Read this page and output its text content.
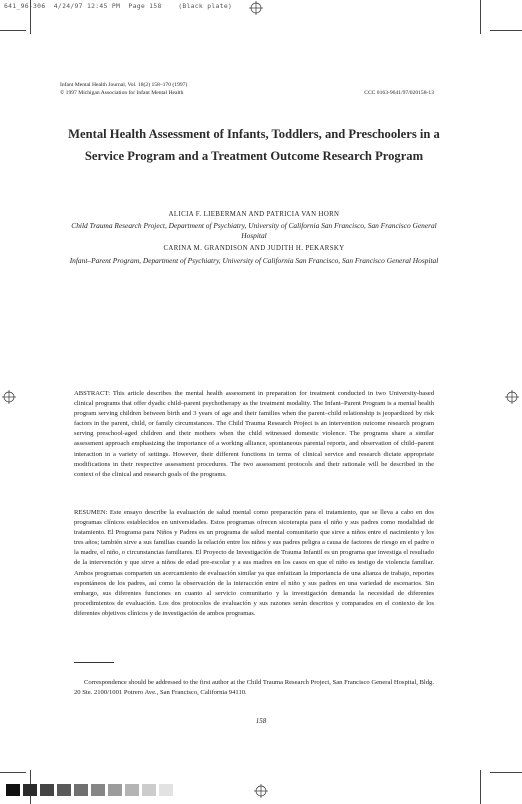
641_96-306  4/24/97 12:45 PM  Page 158    (Black plate)

Infant Mental Health Journal, Vol. 18(2) 158–170 (1997)
© 1997 Michigan Association for Infant Mental Health	CCC 0163-9641/97/020158-13
Mental Health Assessment of Infants, Toddlers, and Preschoolers in a Service Program and a Treatment Outcome Research Program

ALICIA F. LIEBERMAN AND PATRICIA VAN HORN

Child Trauma Research Project, Department of Psychiatry, University of California San Francisco, San Francisco General Hospital

CARINA M. GRANDISON AND JUDITH H. PEKARSKY

Infant–Parent Program, Department of Psychiatry, University of California San Francisco, San Francisco General Hospital

ABSTRACT: This article describes the mental health assessment in preparation for treatment conducted in two University-based clinical programs that offer dyadic child–parent psychotherapy as the treatment modality. The Infant–Parent Program is a mental health program serving children between birth and 3 years of age and their families when the parent–child relationship is jeopardized by risk factors in the parent, child, or family circumstances. The Child Trauma Research Project is an intervention outcome research program serving preschool-aged children and their mothers when the child witnessed domestic violence. The programs share a similar assessment approach emphasizing the importance of a working alliance, spontaneous parental reports, and observation of child–parent interaction in a variety of settings. However, their different functions in terms of clinical service and research dictate appropriate modifications in their respective assessment procedures. The two assessment protocols and their rationale will be described in the context of the clinical and research goals of the programs.

RESUMEN: Este ensayo describe la evaluación de salud mental como preparación para el tratamiento, que se lleva a cabo en dos programas clínicos establecidos en universidades. Estos programas ofrecen sicoterapia para el niño y sus padres como modalidad de tratamiento. El Programa para Niños y Padres es un programa de salud mental comunitario que sirve a niños entre el nacimiento y los tres años; también sirve a sus familias cuando la relación entre los niños y sus padres peligra a causa de factores de riesgo en el padre o la madre, el niño, o circunstancias familiares. El Proyecto de Investigación de Trauma Infantil es un programa que investiga el resultado de la intervención y que sirve a niños de edad pre-escolar y a sus madres en los casos en que el niño es testigo de violencia familiar. Ambos programas comparten un acercamiento de evaluación similar ya que enfatizan la importancia de una alianza de trabajo, reportes espontáneos de los padres, así como la observación de la interacción entre el niño y sus padres en una variedad de escenarios. Sin embargo, sus diferentes funciones en cuanto al servicio comunitario y la investigación demanda la necesidad de diferentes procedimientos de evaluación. Los dos protocolos de evaluación y sus razones serán descritos y comparados en el contexto de los diferentes objetivos clínicos y de investigación de ambos programas.

Correspondence should be addressed to the first author at the Child Trauma Research Project, San Francisco General Hospital, Bldg. 20 Ste. 2100/1001 Potrero Ave., San Francisco, California 94110.

158
